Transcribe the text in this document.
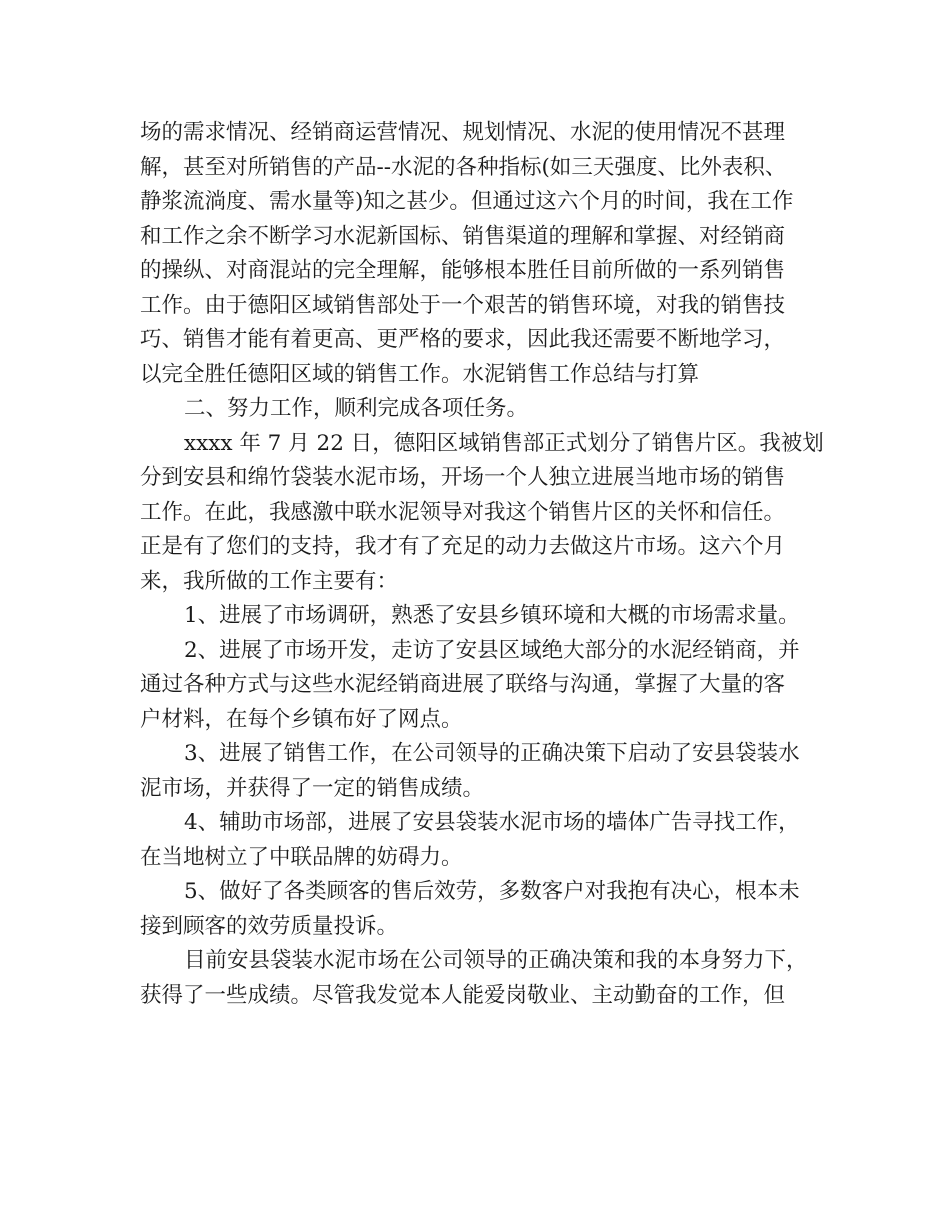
场的需求情况、经销商运营情况、规划情况、水泥的使用情况不甚理
解，甚至对所销售的产品--水泥的各种指标(如三天强度、比外表积、
静浆流淌度、需水量等)知之甚少。但通过这六个月的时间，我在工作
和工作之余不断学习水泥新国标、销售渠道的理解和掌握、对经销商
的操纵、对商混站的完全理解，能够根本胜任目前所做的一系列销售
工作。由于德阳区域销售部处于一个艰苦的销售环境，对我的销售技
巧、销售才能有着更高、更严格的要求，因此我还需要不断地学习，
以完全胜任德阳区域的销售工作。水泥销售工作总结与打算
二、努力工作，顺利完成各项任务。
xxxx 年 7 月 22 日，德阳区域销售部正式划分了销售片区。我被划
分到安县和绵竹袋装水泥市场，开场一个人独立进展当地市场的销售
工作。在此，我感激中联水泥领导对我这个销售片区的关怀和信任。
正是有了您们的支持，我才有了充足的动力去做这片市场。这六个月
来，我所做的工作主要有：
1、进展了市场调研，熟悉了安县乡镇环境和大概的市场需求量。
2、进展了市场开发，走访了安县区域绝大部分的水泥经销商，并
通过各种方式与这些水泥经销商进展了联络与沟通，掌握了大量的客
户材料，在每个乡镇布好了网点。
3、进展了销售工作，在公司领导的正确决策下启动了安县袋装水
泥市场，并获得了一定的销售成绩。
4、辅助市场部，进展了安县袋装水泥市场的墙体广告寻找工作，
在当地树立了中联品牌的妨碍力。
5、做好了各类顾客的售后效劳，多数客户对我抱有决心，根本未
接到顾客的效劳质量投诉。
目前安县袋装水泥市场在公司领导的正确决策和我的本身努力下，
获得了一些成绩。尽管我发觉本人能爱岗敬业、主动勤奋的工作，但
